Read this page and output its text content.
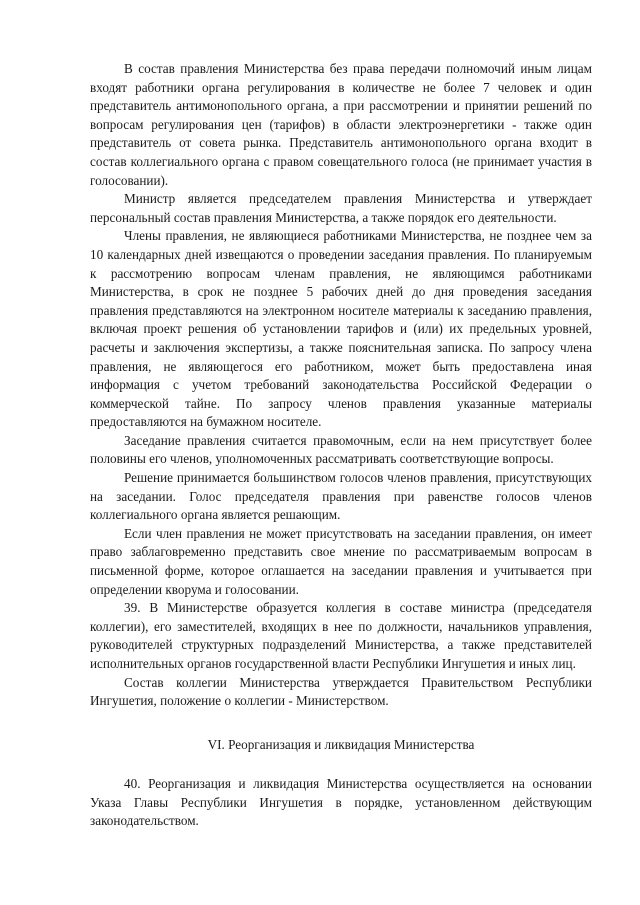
В состав правления Министерства без права передачи полномочий иным лицам входят работники органа регулирования в количестве не более 7 человек и один представитель антимонопольного органа, а при рассмотрении и принятии решений по вопросам регулирования цен (тарифов) в области электроэнергетики - также один представитель от совета рынка. Представитель антимонопольного органа входит в состав коллегиального органа с правом совещательного голоса (не принимает участия в голосовании).

Министр является председателем правления Министерства и утверждает персональный состав правления Министерства, а также порядок его деятельности.

Члены правления, не являющиеся работниками Министерства, не позднее чем за 10 календарных дней извещаются о проведении заседания правления. По планируемым к рассмотрению вопросам членам правления, не являющимся работниками Министерства, в срок не позднее 5 рабочих дней до дня проведения заседания правления представляются на электронном носителе материалы к заседанию правления, включая проект решения об установлении тарифов и (или) их предельных уровней, расчеты и заключения экспертизы, а также пояснительная записка. По запросу члена правления, не являющегося его работником, может быть предоставлена иная информация с учетом требований законодательства Российской Федерации о коммерческой тайне. По запросу членов правления указанные материалы предоставляются на бумажном носителе.

Заседание правления считается правомочным, если на нем присутствует более половины его членов, уполномоченных рассматривать соответствующие вопросы.

Решение принимается большинством голосов членов правления, присутствующих на заседании. Голос председателя правления при равенстве голосов членов коллегиального органа является решающим.

Если член правления не может присутствовать на заседании правления, он имеет право заблаговременно представить свое мнение по рассматриваемым вопросам в письменной форме, которое оглашается на заседании правления и учитывается при определении кворума и голосовании.

39. В Министерстве образуется коллегия в составе министра (председателя коллегии), его заместителей, входящих в нее по должности, начальников управления, руководителей структурных подразделений Министерства, а также представителей исполнительных органов государственной власти Республики Ингушетия и иных лиц.

Состав коллегии Министерства утверждается Правительством Республики Ингушетия, положение о коллегии - Министерством.

VI. Реорганизация и ликвидация Министерства

40. Реорганизация и ликвидация Министерства осуществляется на основании Указа Главы Республики Ингушетия в порядке, установленном действующим законодательством.
